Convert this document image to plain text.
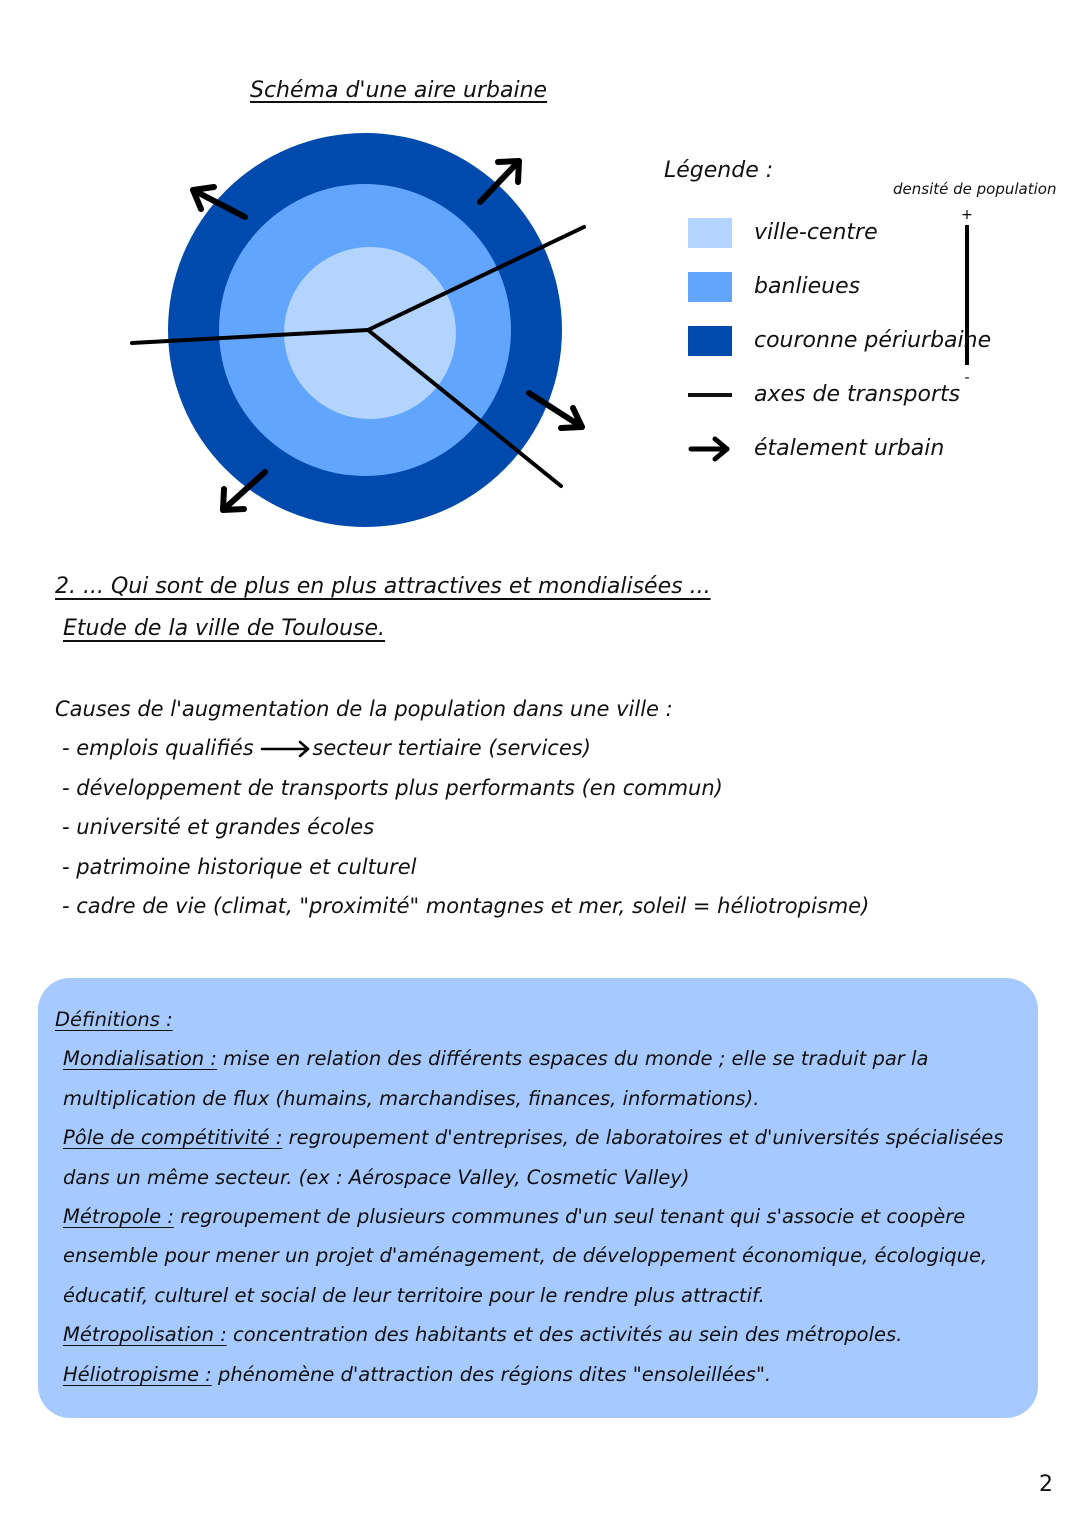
Schéma d'une aire urbaine
Légende :
densité de population
+
-
ville-centre
banlieues
couronne périurbaine
axes de transports
étalement urbain
2. ... Qui sont de plus en plus attractives et mondialisées ...
Etude de la ville de Toulouse.
Causes de l'augmentation de la population dans une ville :
- emplois qualifiés secteur tertiaire (services)
- développement de transports plus performants (en commun)
- université et grandes écoles
- patrimoine historique et culturel
- cadre de vie (climat, "proximité" montagnes et mer, soleil = héliotropisme)

Définitions :

Mondialisation : mise en relation des différents espaces du monde ; elle se traduit par la multiplication de flux (humains, marchandises, finances, informations).

Pôle de compétitivité : regroupement d'entreprises, de laboratoires et d'universités spécialisées dans un même secteur. (ex : Aérospace Valley, Cosmetic Valley)

Métropole : regroupement de plusieurs communes d'un seul tenant qui s'associe et coopère ensemble pour mener un projet d'aménagement, de développement économique, écologique, éducatif, culturel et social de leur territoire pour le rendre plus attractif.

Métropolisation : concentration des habitants et des activités au sein des métropoles.

Héliotropisme : phénomène d'attraction des régions dites "ensoleillées".

2
